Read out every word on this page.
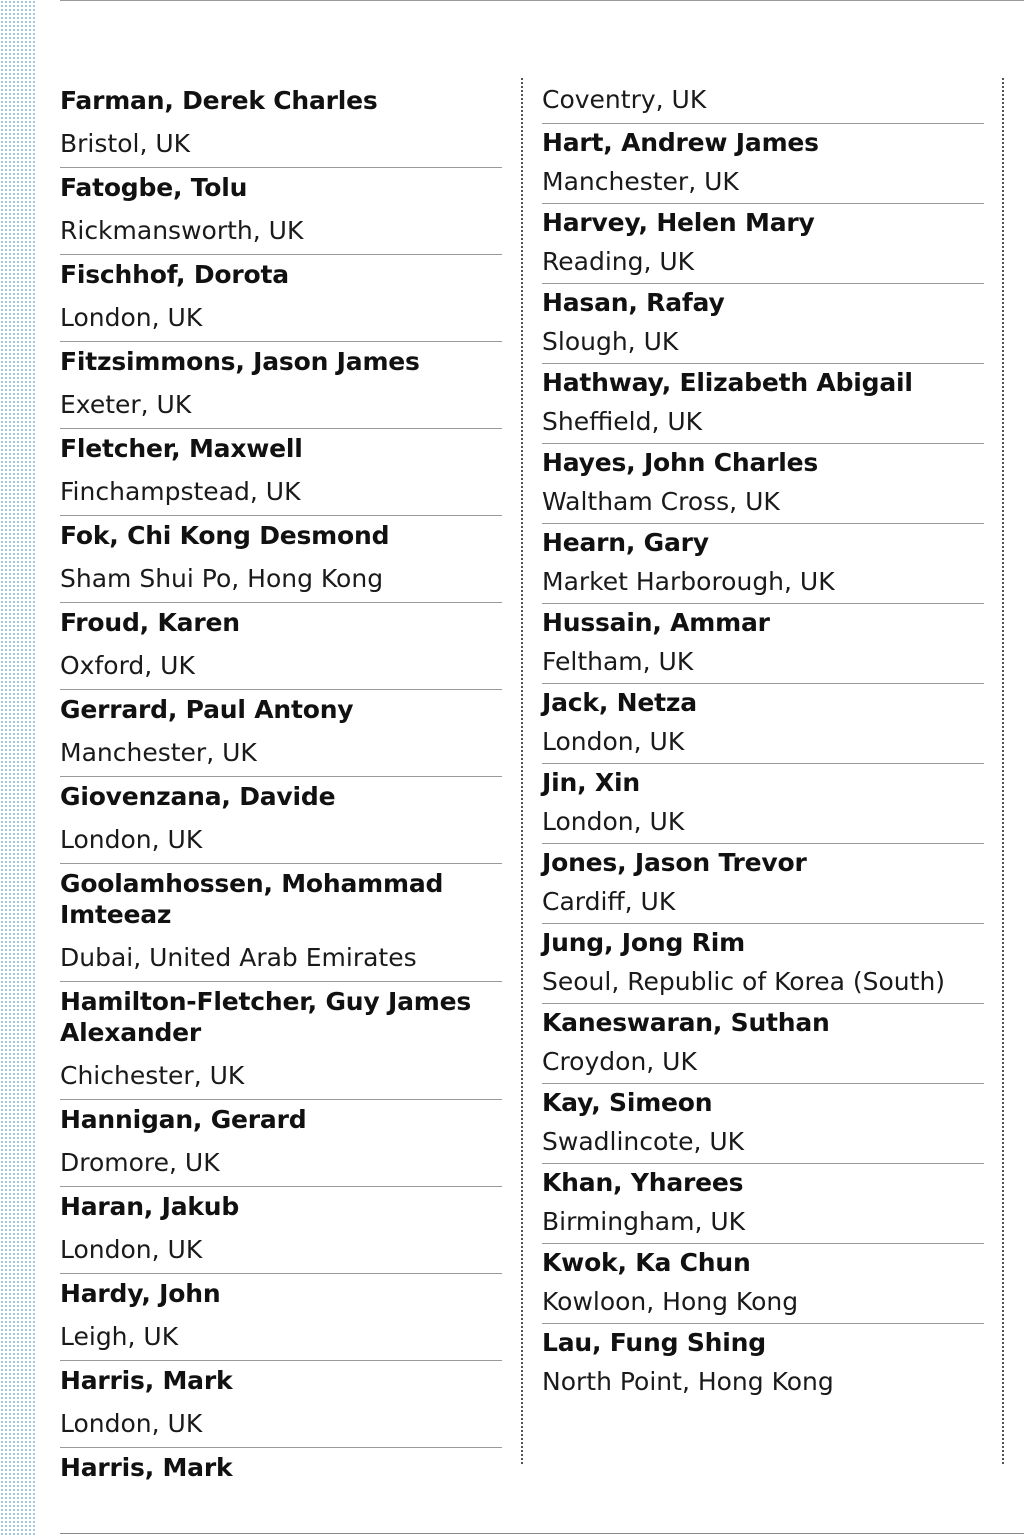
Farman, Derek Charles
Bristol, UK
Fatogbe, Tolu
Rickmansworth, UK
Fischhof, Dorota
London, UK
Fitzsimmons, Jason James
Exeter, UK
Fletcher, Maxwell
Finchampstead, UK
Fok, Chi Kong Desmond
Sham Shui Po, Hong Kong
Froud, Karen
Oxford, UK
Gerrard, Paul Antony
Manchester, UK
Giovenzana, Davide
London, UK
Goolamhossen, Mohammad Imteeaz
Dubai, United Arab Emirates
Hamilton-Fletcher, Guy James Alexander
Chichester, UK
Hannigan, Gerard
Dromore, UK
Haran, Jakub
London, UK
Hardy, John
Leigh, UK
Harris, Mark
London, UK
Harris, Mark
Coventry, UK
Hart, Andrew James
Manchester, UK
Harvey, Helen Mary
Reading, UK
Hasan, Rafay
Slough, UK
Hathway, Elizabeth Abigail
Sheffield, UK
Hayes, John Charles
Waltham Cross, UK
Hearn, Gary
Market Harborough, UK
Hussain, Ammar
Feltham, UK
Jack, Netza
London, UK
Jin, Xin
London, UK
Jones, Jason Trevor
Cardiff, UK
Jung, Jong Rim
Seoul, Republic of Korea (South)
Kaneswaran, Suthan
Croydon, UK
Kay, Simeon
Swadlincote, UK
Khan, Yharees
Birmingham, UK
Kwok, Ka Chun
Kowloon, Hong Kong
Lau, Fung Shing
North Point, Hong Kong
